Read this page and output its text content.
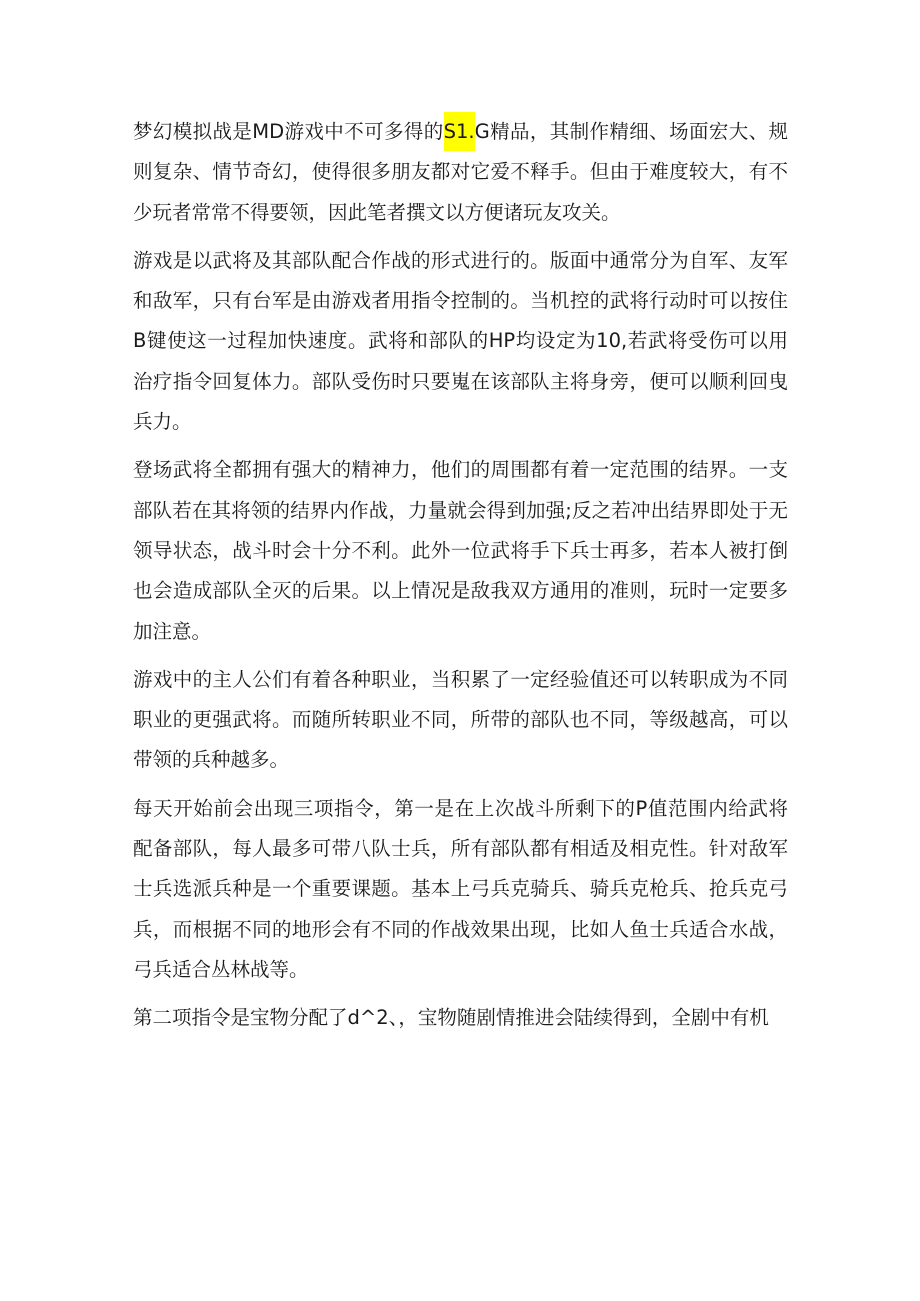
梦幻模拟战是MD游戏中不可多得的S1.G精品，其制作精细、场面宏大、规则复杂、情节奇幻，使得很多朋友都对它爱不释手。但由于难度较大，有不少玩者常常不得要领，因此笔者撰文以方便诸玩友攻关。

游戏是以武将及其部队配合作战的形式进行的。版面中通常分为自军、友军和敌军，只有台军是由游戏者用指令控制的。当机控的武将行动时可以按住B键使这一过程加快速度。武将和部队的HP均设定为10,若武将受伤可以用治疗指令回复体力。部队受伤时只要嵬在该部队主将身旁，便可以顺利回曳兵力。

登场武将全都拥有强大的精神力，他们的周围都有着一定范围的结界。一支部队若在其将领的结界内作战，力量就会得到加强;反之若冲出结界即处于无领导状态，战斗时会十分不利。此外一位武将手下兵士再多，若本人被打倒也会造成部队全灭的后果。以上情况是敌我双方通用的准则，玩时一定要多加注意。

游戏中的主人公们有着各种职业，当积累了一定经验值还可以转职成为不同职业的更强武将。而随所转职业不同，所带的部队也不同，等级越高，可以带领的兵种越多。

每天开始前会出现三项指令，第一是在上次战斗所剩下的P值范围内给武将配备部队，每人最多可带八队士兵，所有部队都有相适及相克性。针对敌军士兵选派兵种是一个重要课题。基本上弓兵克骑兵、骑兵克枪兵、抢兵克弓兵，而根据不同的地形会有不同的作战效果出现，比如人鱼士兵适合水战，弓兵适合丛林战等。

第二项指令是宝物分配了d^2、，宝物随剧情推进会陆续得到，全剧中有机
